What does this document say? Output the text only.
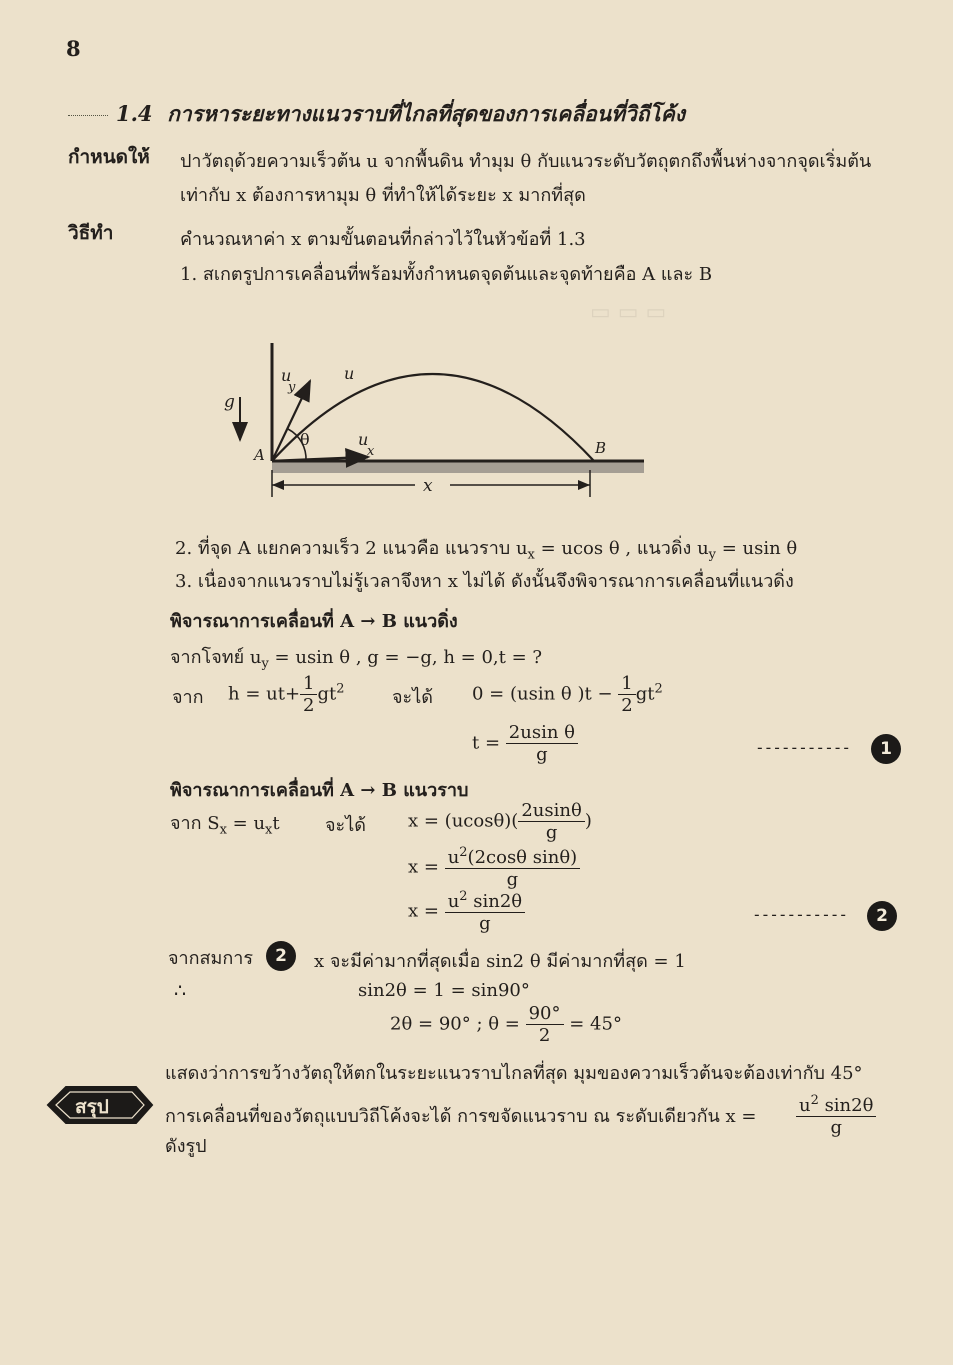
▭ ▭ ▭
8
1.4 การหาระยะทางแนวราบที่ไกลที่สุดของการเคลื่อนที่วิถีโค้ง
กำหนดให้ ปาวัตถุด้วยความเร็วต้น u จากพื้นดิน ทำมุม θ กับแนวระดับวัตถุตกถึงพื้นห่างจากจุดเริ่มต้น
เท่ากับ x ต้องการหามุม θ ที่ทำให้ได้ระยะ x มากที่สุด
วิธีทำ	คำนวณหาค่า x ตามขั้นตอนที่กล่าวไว้ในหัวข้อที่ 1.3
1. สเกตรูปการเคลื่อนที่พร้อมทั้งกำหนดจุดต้นและจุดท้ายคือ A และ B
g
u
y
u
θ	u
x
A	B
x
2. ที่จุด A แยกความเร็ว 2 แนวคือ แนวราบ $u_x = ucos$ θ , แนวดิ่ง $u_y = usin$ θ
3. เนื่องจากแนวราบไม่รู้เวลาจึงหา x ไม่ได้ ดังนั้นจึงพิจารณาการเคลื่อนที่แนวดิ่ง
พิจารณาการเคลื่อนที่ A → B แนวดิ่ง
จากโจทย์ $u_y = usin$ θ , g = −g, h = 0,t = ?
จาก $h = ut+ \frac{1}{2} gt^2$	จะได้ 0 = (usin θ )$t - \frac{1}{2} gt^2$
$t = \frac{\text{2usin θ}}{g}$	-----------	1
พิจารณาการเคลื่อนที่ A → B แนวราบ
จาก $S_x = u_xt$	จะได้ $x = (ucos\theta)( \frac{2usin\theta}{g}$ )
$x = \frac{u^2(2\cos\theta \sin\theta)}{g}$
$x = \frac{u^2 \sin 2\theta}{g}$	-----------	2
จากสมการ	2	x จะมีค่ามากที่สุดเมื่อ sin2 θ มีค่ามากที่สุด = 1
∴	sin2θ = 1 = sin90°
2θ = 90° ; $\theta = \frac{90^\circ}{2} = 45^\circ$
แสดงว่าการขว้างวัตถุให้ตกในระยะแนวราบไกลที่สุด มุมของความเร็วต้นจะต้องเท่ากับ 45°
สรุป	การเคลื่อนที่ของวัตถุแบบวิถีโค้งจะได้ การขจัดแนวราบ ณ ระดับเดียวกัน $x = \frac{u^2 \sin 2\theta}{g}$
ดังรูป
